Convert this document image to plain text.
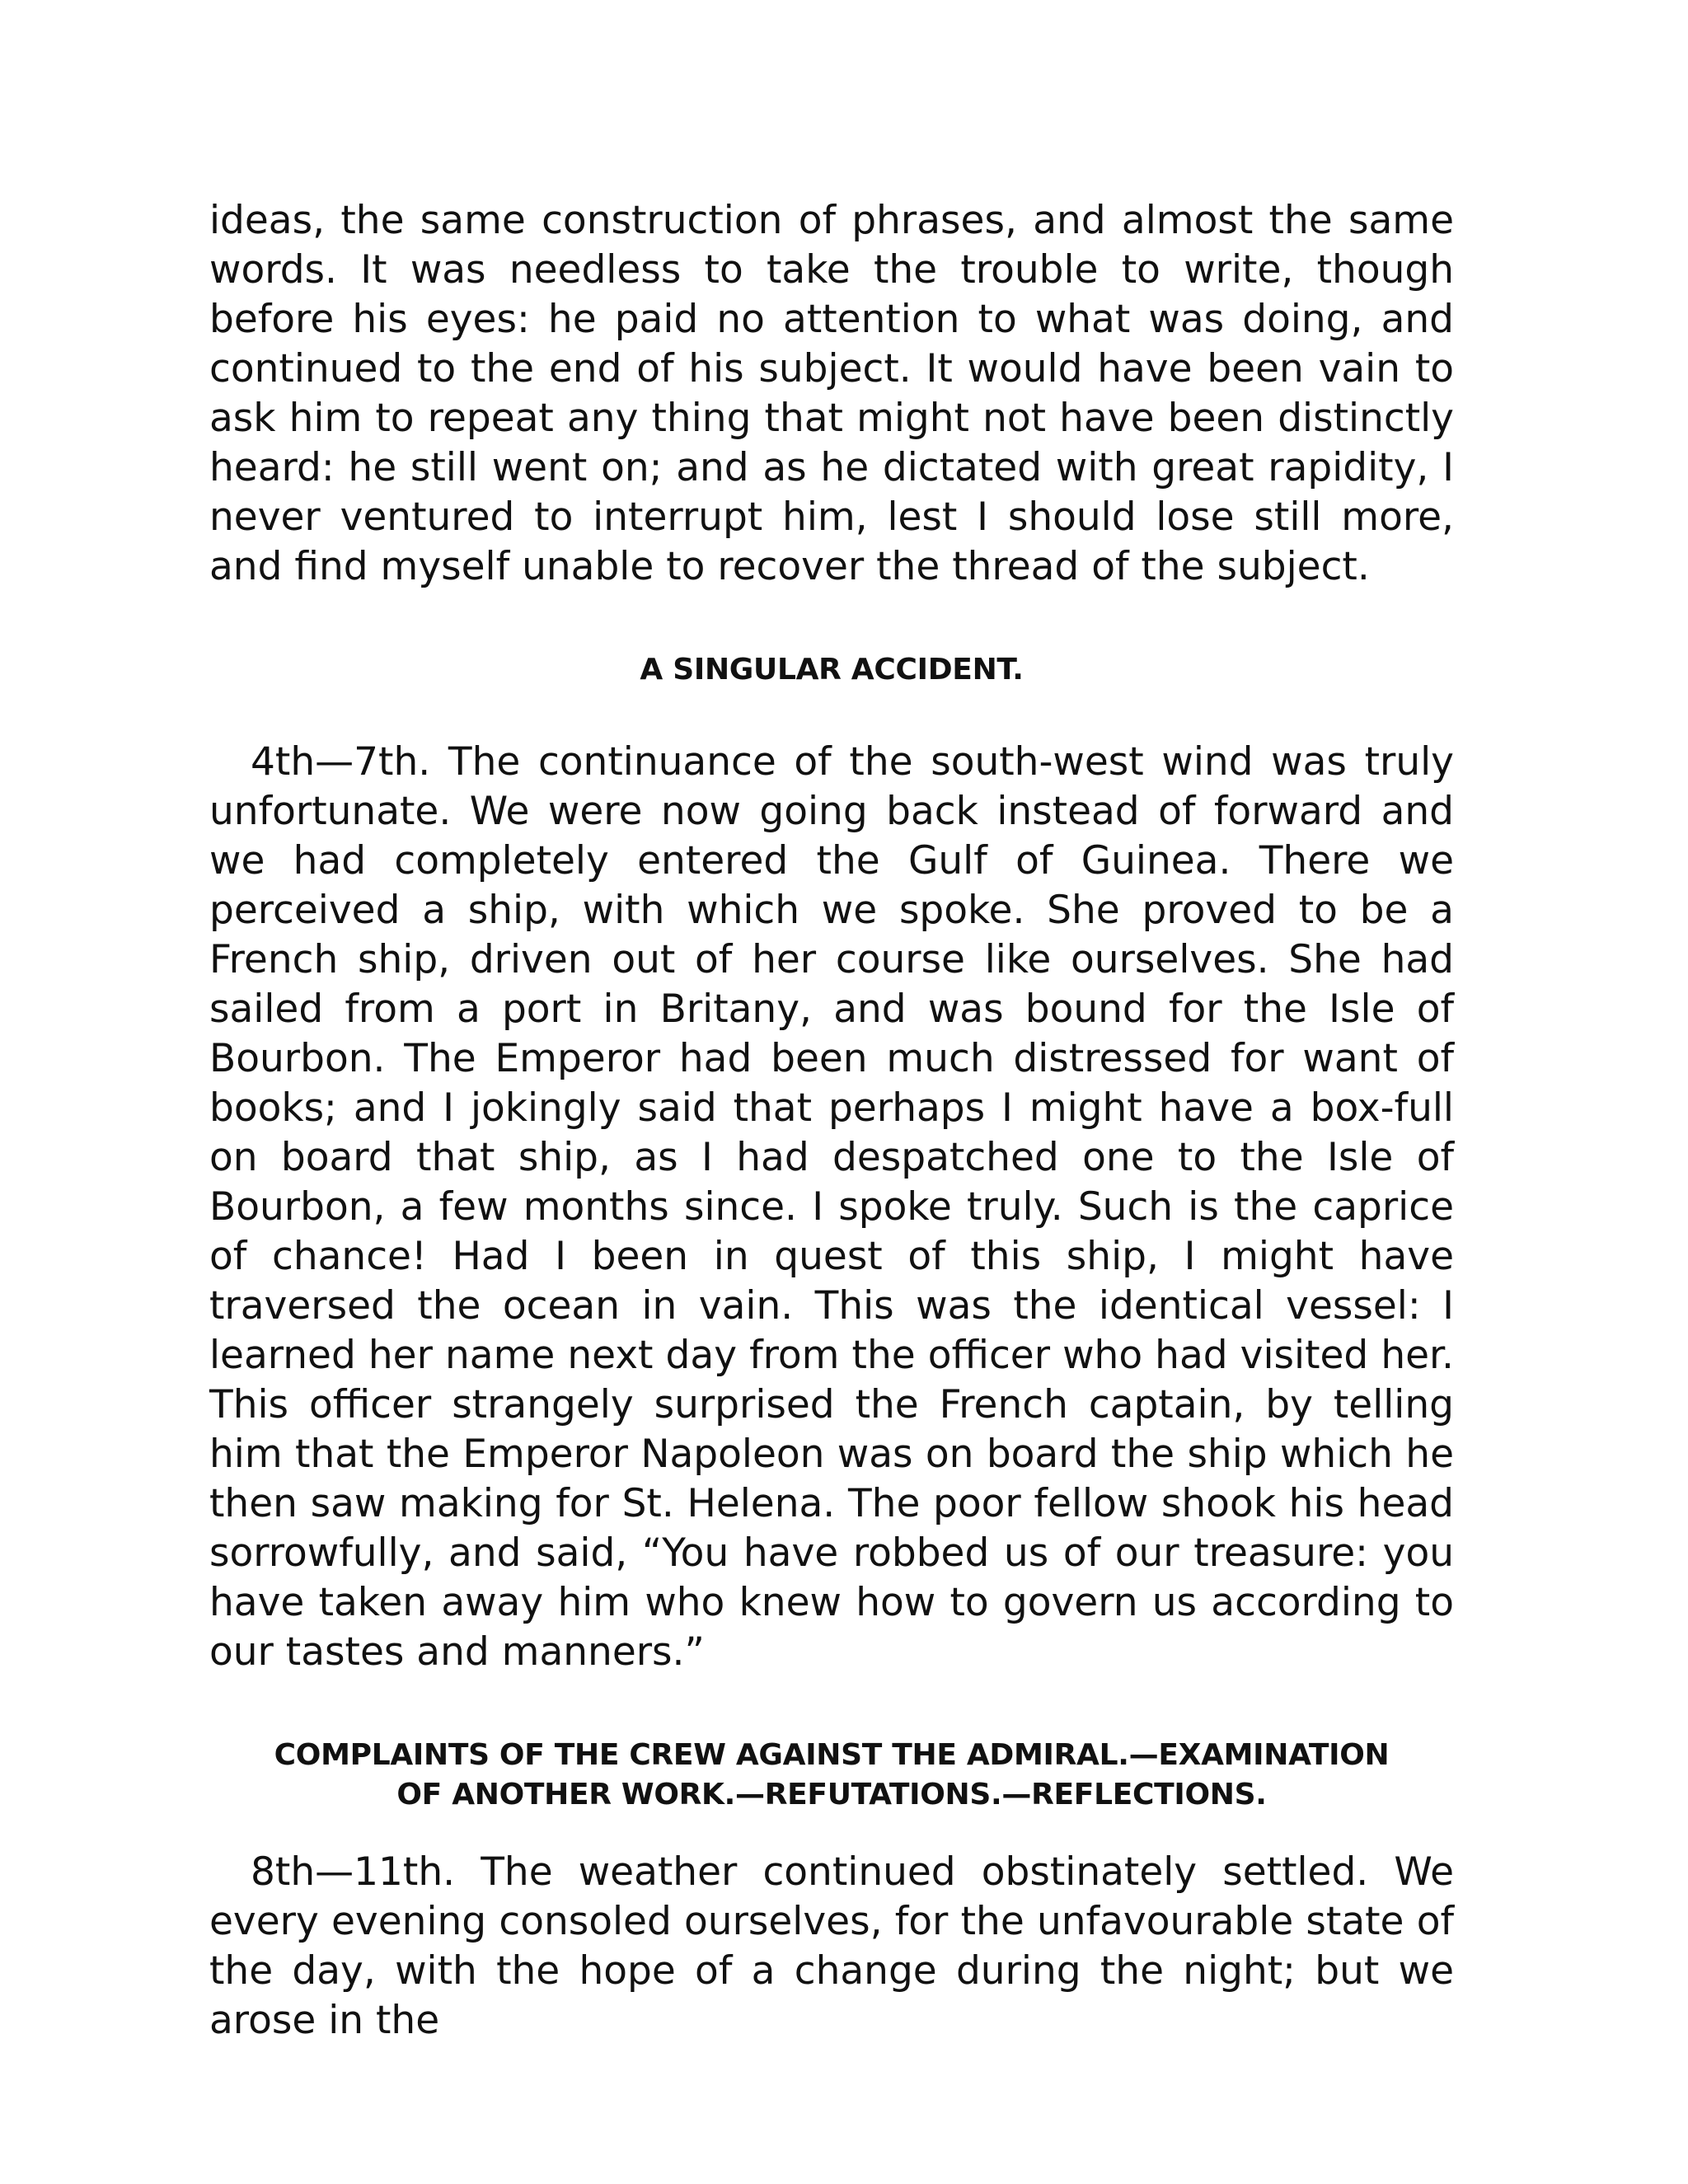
ideas, the same construction of phrases, and almost the same words. It was needless to take the trouble to write, though before his eyes: he paid no attention to what was doing, and continued to the end of his subject. It would have been vain to ask him to repeat any thing that might not have been distinctly heard: he still went on; and as he dictated with great rapidity, I never ventured to interrupt him, lest I should lose still more, and find myself unable to recover the thread of the subject.

A SINGULAR ACCIDENT.

4th—7th. The continuance of the south-west wind was truly unfortunate. We were now going back instead of forward and we had completely entered the Gulf of Guinea. There we perceived a ship, with which we spoke. She proved to be a French ship, driven out of her course like ourselves. She had sailed from a port in Britany, and was bound for the Isle of Bourbon. The Emperor had been much distressed for want of books; and I jokingly said that perhaps I might have a box-full on board that ship, as I had despatched one to the Isle of Bourbon, a few months since. I spoke truly. Such is the caprice of chance! Had I been in quest of this ship, I might have traversed the ocean in vain. This was the identical vessel: I learned her name next day from the officer who had visited her. This officer strangely surprised the French captain, by telling him that the Emperor Napoleon was on board the ship which he then saw making for St. Helena. The poor fellow shook his head sorrowfully, and said, “You have robbed us of our treasure: you have taken away him who knew how to govern us according to our tastes and manners.”

COMPLAINTS OF THE CREW AGAINST THE ADMIRAL.—EXAMINATION
OF ANOTHER WORK.—REFUTATIONS.—REFLECTIONS.

8th—11th. The weather continued obstinately settled. We every evening consoled ourselves, for the unfavourable state of the day, with the hope of a change during the night; but we arose in the
